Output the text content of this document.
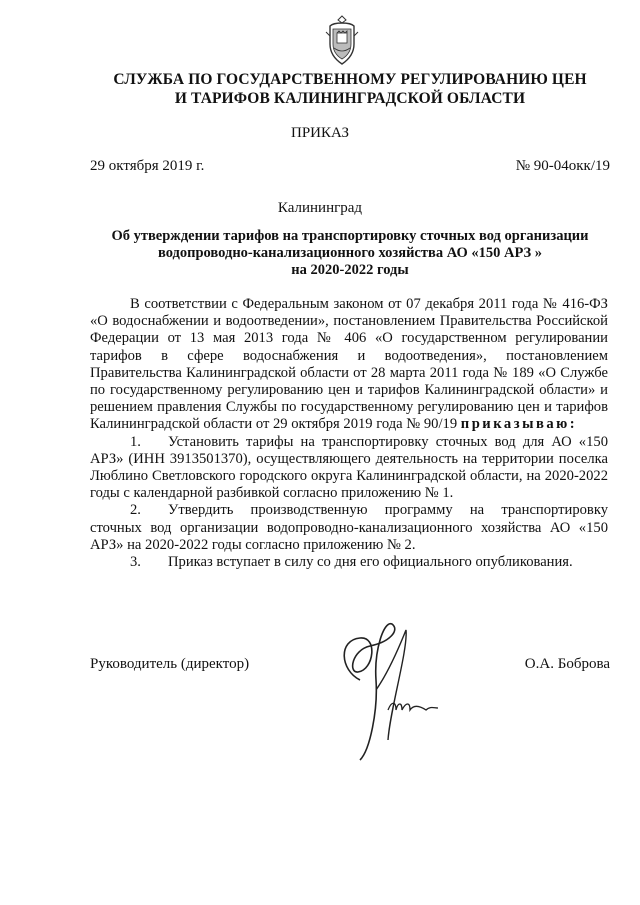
СЛУЖБА ПО ГОСУДАРСТВЕННОМУ РЕГУЛИРОВАНИЮ ЦЕН
И ТАРИФОВ КАЛИНИНГРАДСКОЙ ОБЛАСТИ
ПРИКАЗ
29 октября 2019 г.	№ 90-04окк/19
Калининград
Об утверждении тарифов на транспортировку сточных вод организации
водопроводно-канализационного хозяйства АО «150 АРЗ »
на 2020-2022 годы

В соответствии с Федеральным законом от 07 декабря 2011 года № 416-ФЗ «О водоснабжении и водоотведении», постановлением Правительства Российской Федерации от 13 мая 2013 года № 406 «О государственном регулировании тарифов в сфере водоснабжения и водоотведения», постановлением Правительства Калининградской области от 28 марта 2011 года № 189 «О Службе по государственному регулированию цен и тарифов Калининградской области» и решением правления Службы по государственному регулированию цен и тарифов Калининградской области от 29 октября 2019 года № 90/19 приказываю:

1. Установить тарифы на транспортировку сточных вод для АО «150 АРЗ» (ИНН 3913501370), осуществляющего деятельность на территории поселка Люблино Светловского городского округа Калининградской области, на 2020-2022 годы с календарной разбивкой согласно приложению № 1.

2. Утвердить производственную программу на транспортировку сточных вод организации водопроводно-канализационного хозяйства АО «150 АРЗ» на 2020-2022 годы согласно приложению № 2.

3. Приказ вступает в силу со дня его официального опубликования.

Руководитель (директор)	О.А. Боброва
